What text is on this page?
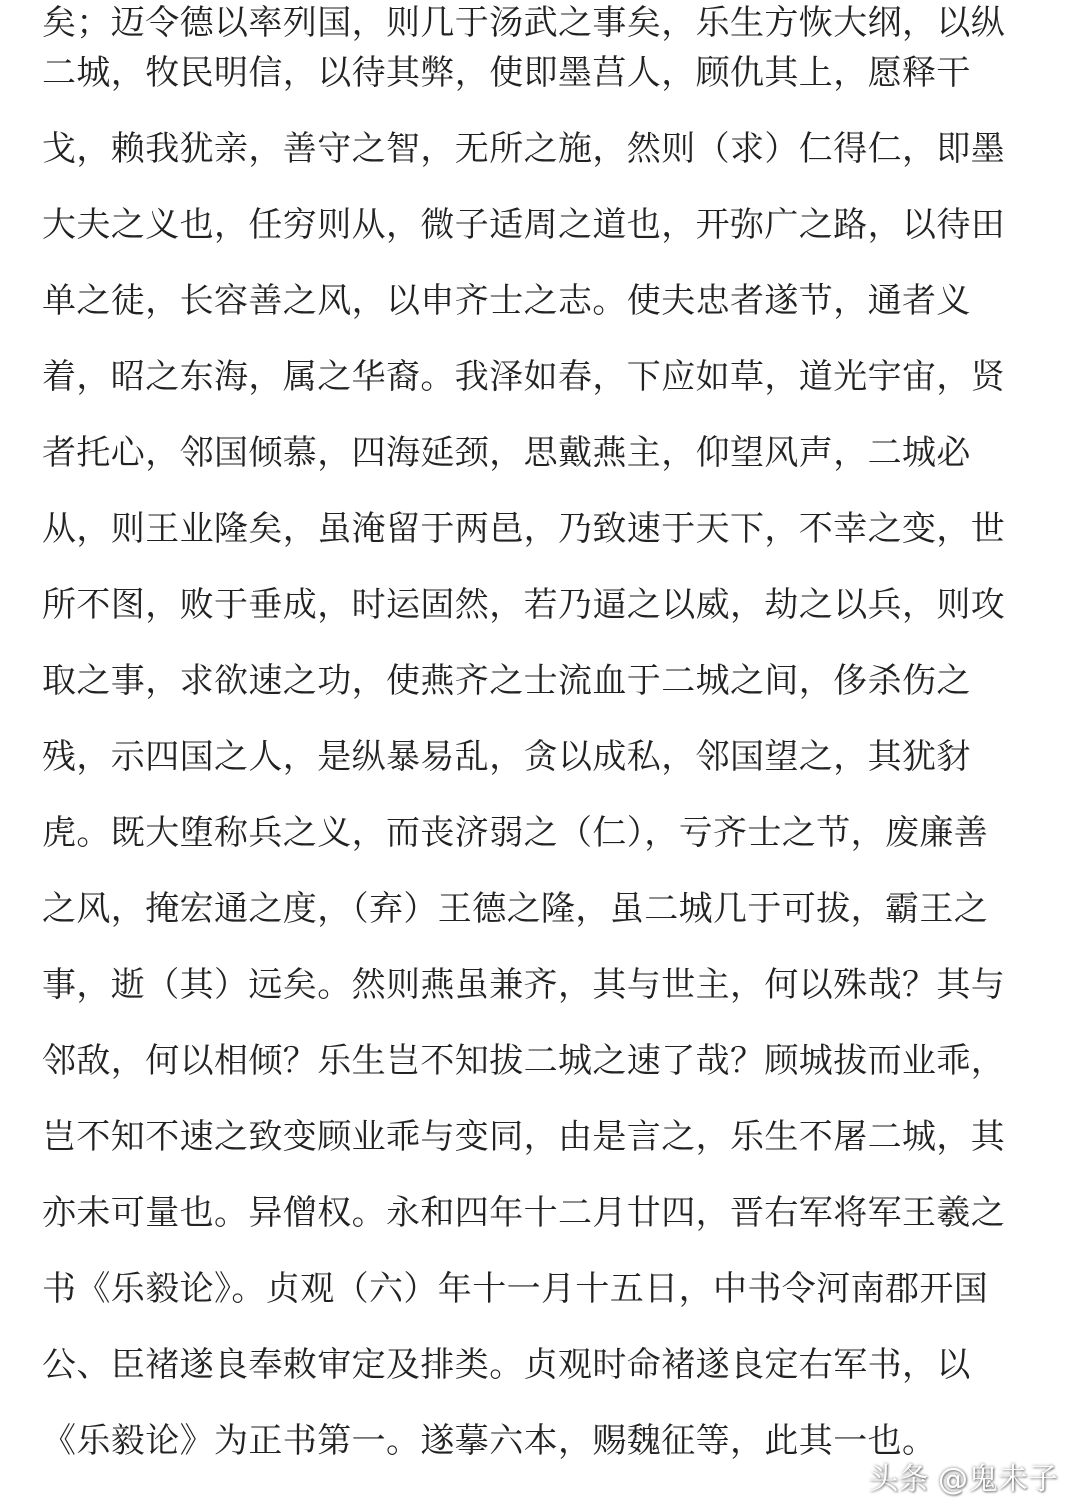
矣；迈令德以率列国，则几于汤武之事矣，乐生方恢大纲，以纵
二城，牧民明信，以待其弊，使即墨莒人，顾仇其上，愿释干
戈，赖我犹亲，善守之智，无所之施，然则（求）仁得仁，即墨
大夫之义也，任穷则从，微子适周之道也，开弥广之路，以待田
单之徒，长容善之风，以申齐士之志。使夫忠者遂节，通者义
着，昭之东海，属之华裔。我泽如春，下应如草，道光宇宙，贤
者托心，邻国倾慕，四海延颈，思戴燕主，仰望风声，二城必
从，则王业隆矣，虽淹留于两邑，乃致速于天下，不幸之变，世
所不图，败于垂成，时运固然，若乃逼之以威，劫之以兵，则攻
取之事，求欲速之功，使燕齐之士流血于二城之间，侈杀伤之
残，示四国之人，是纵暴易乱，贪以成私，邻国望之，其犹豺
虎。既大堕称兵之义，而丧济弱之（仁），亏齐士之节，废廉善
之风，掩宏通之度，（弃）王德之隆，虽二城几于可拔，霸王之
事，逝（其）远矣。然则燕虽兼齐，其与世主，何以殊哉？其与
邻敌，何以相倾？乐生岂不知拔二城之速了哉？顾城拔而业乖，
岂不知不速之致变顾业乖与变同，由是言之，乐生不屠二城，其
亦未可量也。异僧权。永和四年十二月廿四，晋右军将军王羲之
书《乐毅论》。贞观（六）年十一月十五日，中书令河南郡开国
公、臣褚遂良奉敕审定及排类。贞观时命褚遂良定右军书，以
《乐毅论》为正书第一。遂摹六本，赐魏征等，此其一也。
头条 @鬼未子
